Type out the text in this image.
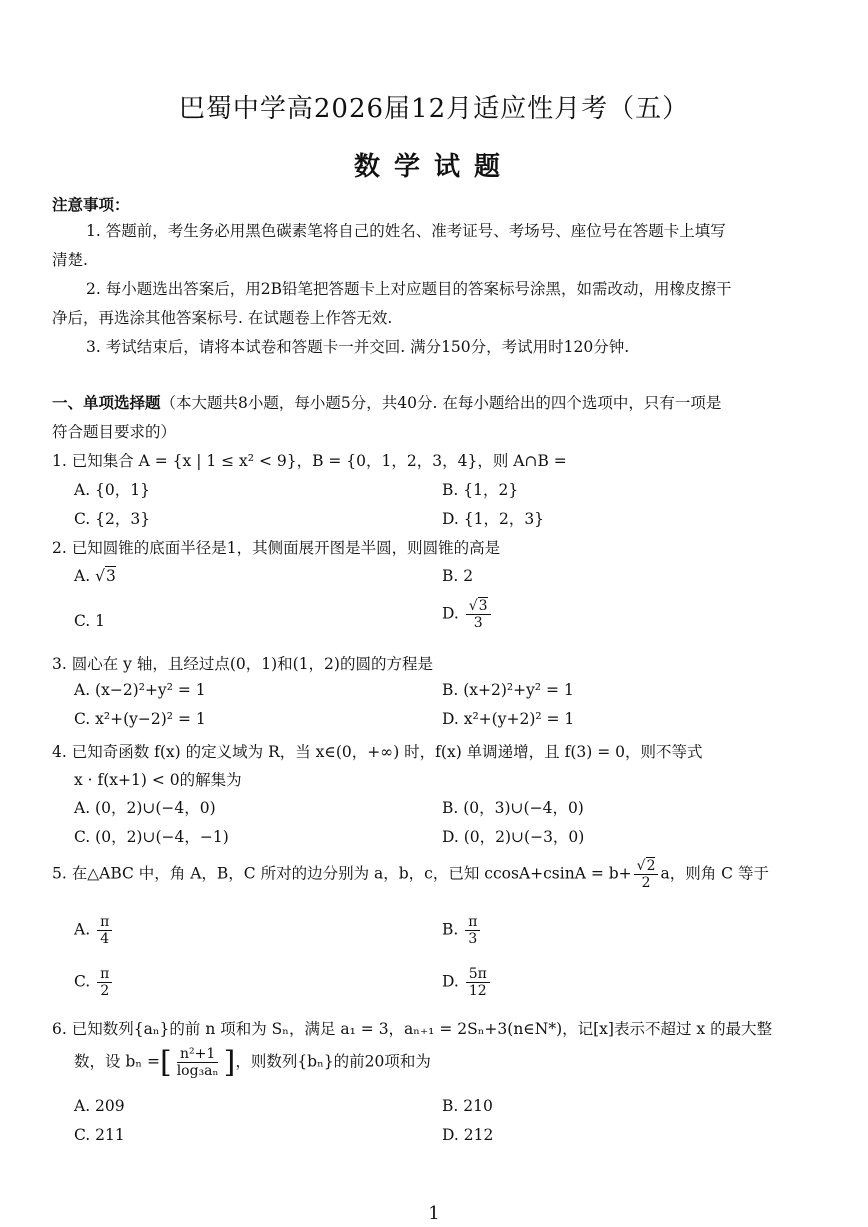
巴蜀中学高2026届12月适应性月考（五）
数学试题
注意事项：
1. 答题前，考生务必用黑色碳素笔将自己的姓名、准考证号、考场号、座位号在答题卡上填写
清楚.
2. 每小题选出答案后，用2B铅笔把答题卡上对应题目的答案标号涂黑，如需改动，用橡皮擦干
净后，再选涂其他答案标号. 在试题卷上作答无效.
3. 考试结束后，请将本试卷和答题卡一并交回. 满分150分，考试用时120分钟.
一、单项选择题（本大题共8小题，每小题5分，共40分. 在每小题给出的四个选项中，只有一项是
符合题目要求的）
1. 已知集合 A = {x | 1 ≤ x² < 9}，B = {0，1，2，3，4}，则 A∩B =
A. {0，1}	B. {1，2}
C. {2，3}	D. {1，2，3}
2. 已知圆锥的底面半径是1，其侧面展开图是半圆，则圆锥的高是
A. √3	B. 2
C. 1	D. $\frac{√3}{3}$
3. 圆心在 y 轴，且经过点(0，1)和(1，2)的圆的方程是
A. (x−2)²+y² = 1	B. (x+2)²+y² = 1
C. x²+(y−2)² = 1	D. x²+(y+2)² = 1
4. 已知奇函数 f(x) 的定义域为 R，当 x∈(0，+∞) 时，f(x) 单调递增，且 f(3) = 0，则不等式
x · f(x+1) < 0的解集为
A. (0，2)∪(−4，0)	B. (0，3)∪(−4，0)
C. (0，2)∪(−4，−1)	D. (0，2)∪(−3，0)
5. 在△ABC 中，角 A，B，C 所对的边分别为 a，b，c，已知 $ccosA+csinA = b+ \frac{√2}{2}$ a，则角 C 等于
A. $\frac{\pi}{4}$	B. $\frac{\pi}{3}$
C. $\frac{\pi}{2}$	D. $\frac{5\pi}{12}$
6. 已知数列{aₙ}的前 n 项和为 Sₙ，满足 a₁ = 3，aₙ₊₁ = 2Sₙ+3(n∈N*)，记[x]表示不超过 x 的最大整
数，设 bₙ = [ $\frac{\text{n²+1}}{\text{log₃aₙ}}$ ] ，则数列{bₙ}的前20项和为
A. 209	B. 210
C. 211	D. 212
1
